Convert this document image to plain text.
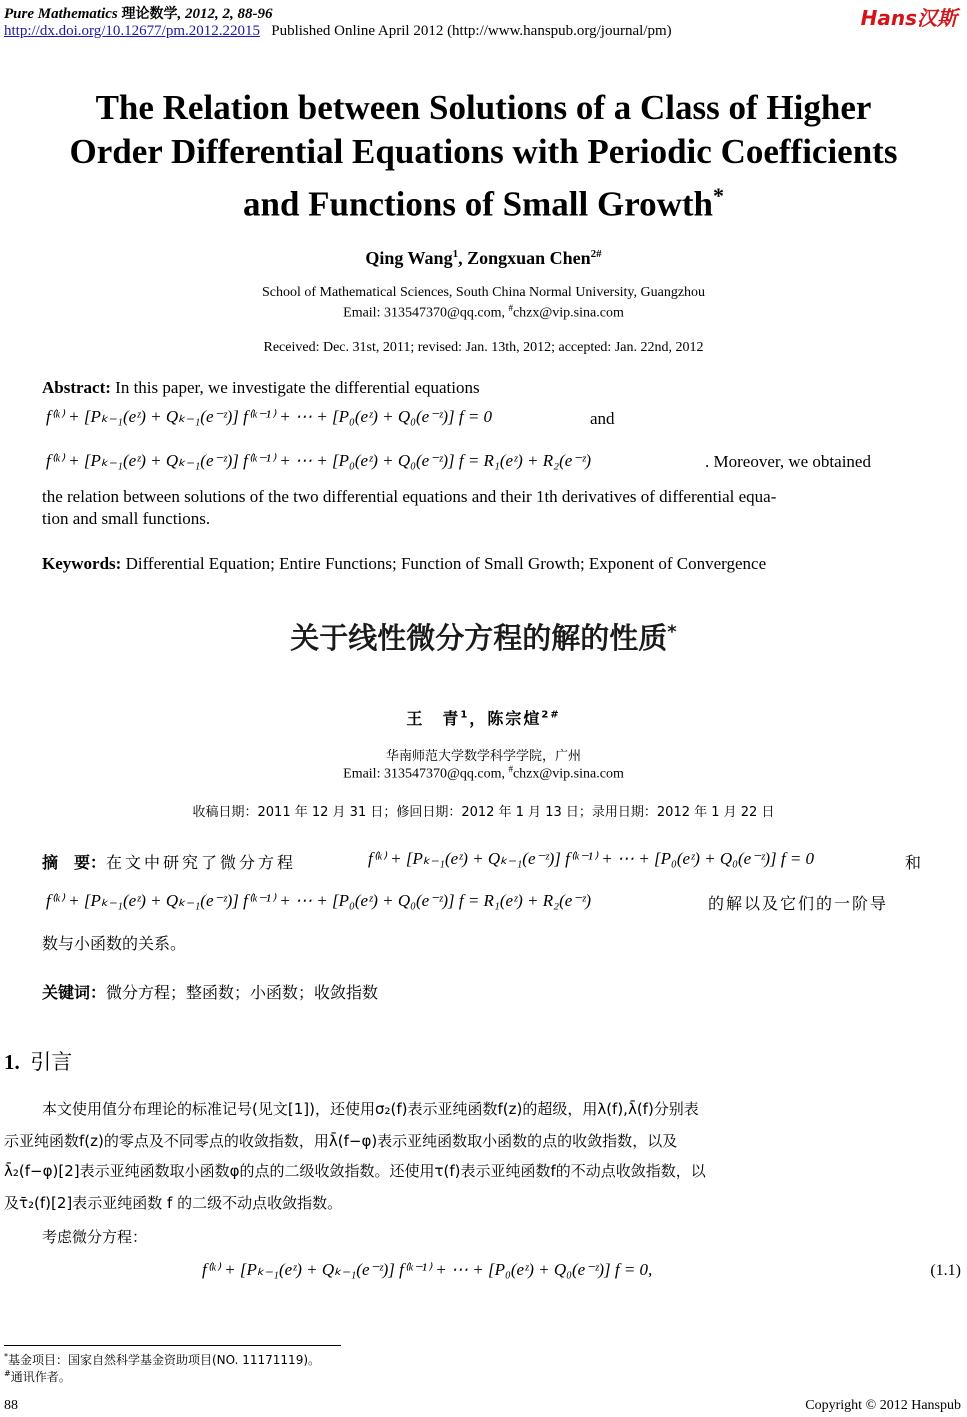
Pure Mathematics 理论数学, 2012, 2, 88-96
http://dx.doi.org/10.12677/pm.2012.22015 Published Online April 2012 (http://www.hanspub.org/journal/pm)
Hans汉斯
The Relation between Solutions of a Class of Higher
Order Differential Equations with Periodic Coefficients
and Functions of Small Growth*
Qing Wang$^1$, Zongxuan Chen$^{2\#}$
School of Mathematical Sciences, South China Normal University, Guangzhou
Email: 313547370@qq.com, #chzx@vip.sina.com
Received: Dec. 31st, 2011; revised: Jan. 13th, 2012; accepted: Jan. 22nd, 2012
Abstract: In this paper, we investigate the differential equations
f⁽ᵏ⁾ + [Pₖ₋₁(eᶻ) + Qₖ₋₁(e⁻ᶻ)] f⁽ᵏ⁻¹⁾ + ⋯ + [P₀(eᶻ) + Q₀(e⁻ᶻ)] f = 0	and
f⁽ᵏ⁾ + [Pₖ₋₁(eᶻ) + Qₖ₋₁(e⁻ᶻ)] f⁽ᵏ⁻¹⁾ + ⋯ + [P₀(eᶻ) + Q₀(e⁻ᶻ)] f = R₁(eᶻ) + R₂(e⁻ᶻ)	. Moreover, we obtained
the relation between solutions of the two differential equations and their 1th derivatives of differential equa-
tion and small functions.
Keywords: Differential Equation; Entire Functions; Function of Small Growth; Exponent of Convergence
关于线性微分方程的解的性质*
王　青$^1$，陈宗煊$^{2\#}$
华南师范大学数学科学学院，广州
Email: 313547370@qq.com, #chzx@vip.sina.com
收稿日期：2011 年 12 月 31 日；修回日期：2012 年 1 月 13 日；录用日期：2012 年 1 月 22 日
摘　要：在文中研究了微分方程	f⁽ᵏ⁾ + [Pₖ₋₁(eᶻ) + Qₖ₋₁(e⁻ᶻ)] f⁽ᵏ⁻¹⁾ + ⋯ + [P₀(eᶻ) + Q₀(e⁻ᶻ)] f = 0	和
f⁽ᵏ⁾ + [Pₖ₋₁(eᶻ) + Qₖ₋₁(e⁻ᶻ)] f⁽ᵏ⁻¹⁾ + ⋯ + [P₀(eᶻ) + Q₀(e⁻ᶻ)] f = R₁(eᶻ) + R₂(e⁻ᶻ)	的解以及它们的一阶导
数与小函数的关系。
关键词：微分方程；整函数；小函数；收敛指数
1. 引言
本文使用值分布理论的标准记号(见文[1])，还使用σ₂(f)表示亚纯函数f(z)的超级，用λ(f),λ̄(f)分别表
示亚纯函数f(z)的零点及不同零点的收敛指数，用λ̄(f−φ)表示亚纯函数取小函数的点的收敛指数，以及
λ̄₂(f−φ)[2]表示亚纯函数取小函数φ的点的二级收敛指数。还使用τ(f)表示亚纯函数f的不动点收敛指数，以
及τ̄₂(f)[2]表示亚纯函数 f 的二级不动点收敛指数。
考虑微分方程：
f⁽ᵏ⁾ + [Pₖ₋₁(eᶻ) + Qₖ₋₁(e⁻ᶻ)] f⁽ᵏ⁻¹⁾ + ⋯ + [P₀(eᶻ) + Q₀(e⁻ᶻ)] f = 0,	(1.1)
*基金项目：国家自然科学基金资助项目(NO. 11171119)。
#通讯作者。
88	Copyright © 2012 Hanspub
